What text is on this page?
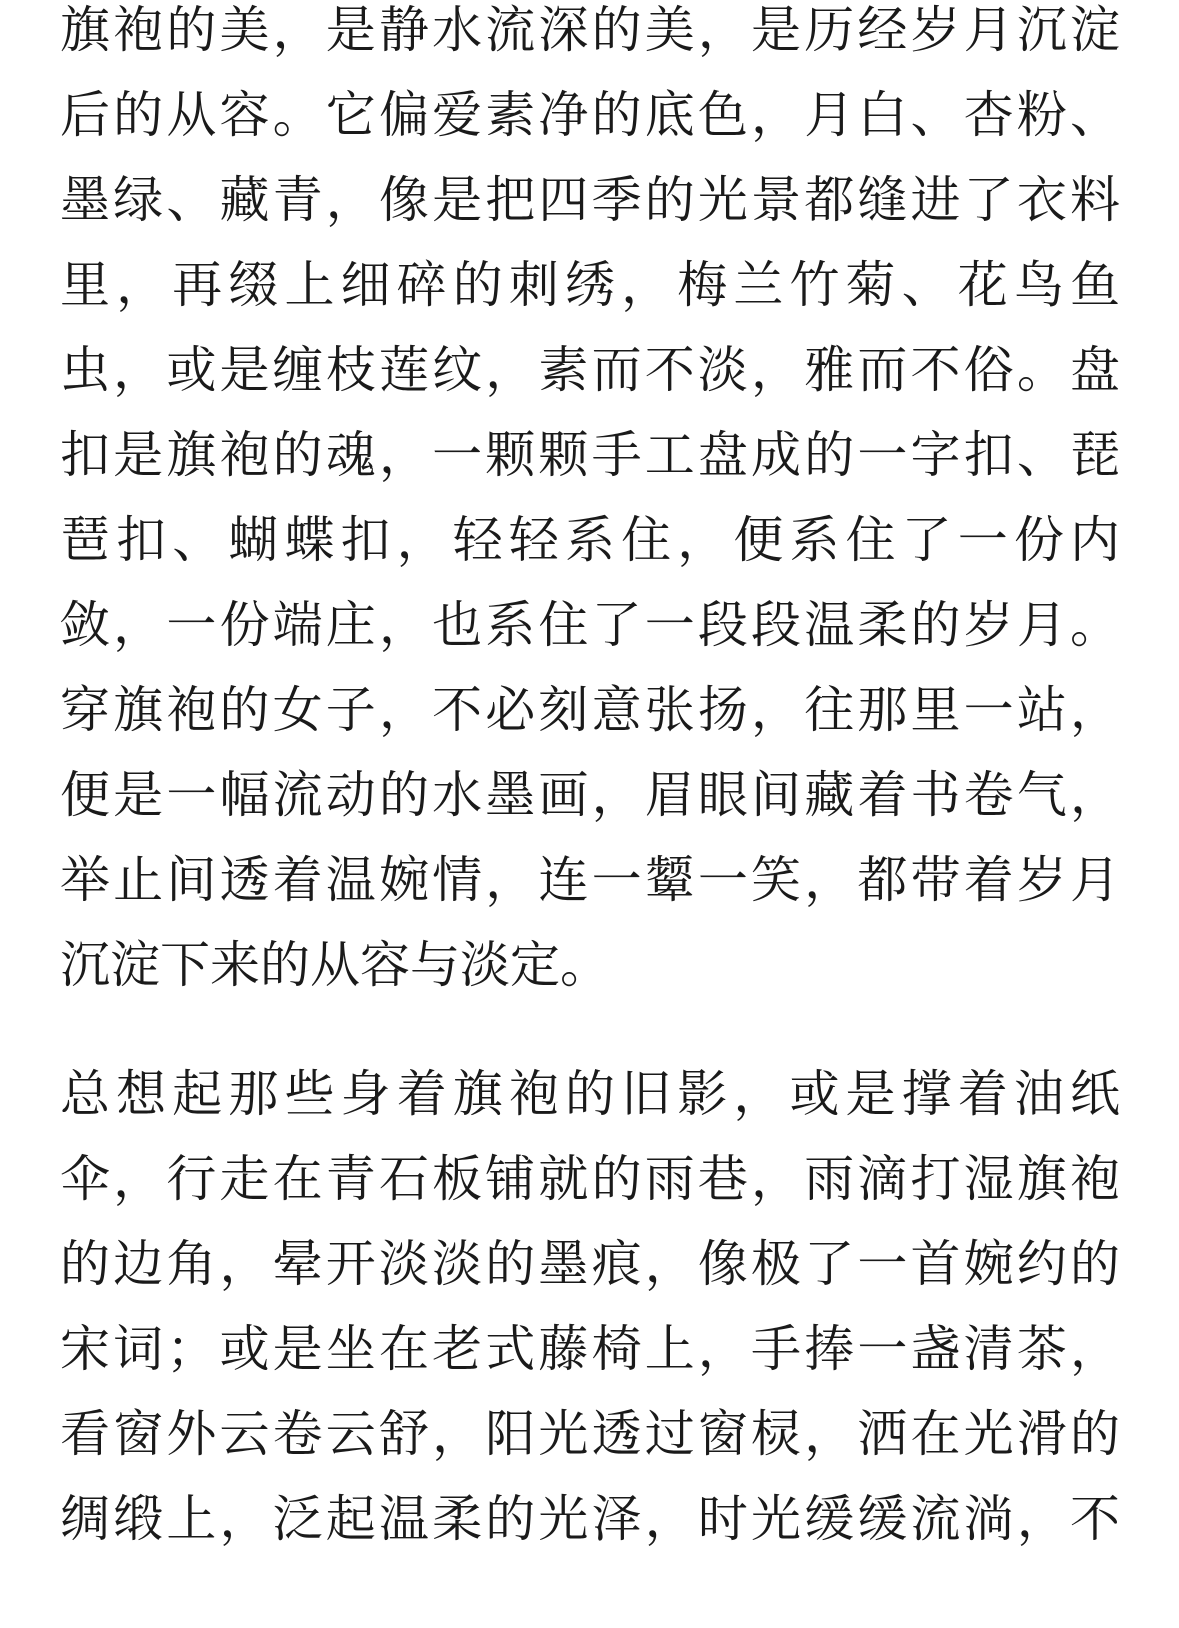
旗袍的美，是静水流深的美，是历经岁月沉淀
后的从容。它偏爱素净的底色，月白、杏粉、
墨绿、藏青，像是把四季的光景都缝进了衣料
里，再缀上细碎的刺绣，梅兰竹菊、花鸟鱼
虫，或是缠枝莲纹，素而不淡，雅而不俗。盘
扣是旗袍的魂，一颗颗手工盘成的一字扣、琵
琶扣、蝴蝶扣，轻轻系住，便系住了一份内
敛，一份端庄，也系住了一段段温柔的岁月。
穿旗袍的女子，不必刻意张扬，往那里一站，
便是一幅流动的水墨画，眉眼间藏着书卷气，
举止间透着温婉情，连一颦一笑，都带着岁月
沉淀下来的从容与淡定。
总想起那些身着旗袍的旧影，或是撑着油纸
伞，行走在青石板铺就的雨巷，雨滴打湿旗袍
的边角，晕开淡淡的墨痕，像极了一首婉约的
宋词；或是坐在老式藤椅上，手捧一盏清茶，
看窗外云卷云舒，阳光透过窗棂，洒在光滑的
绸缎上，泛起温柔的光泽，时光缓缓流淌，不
